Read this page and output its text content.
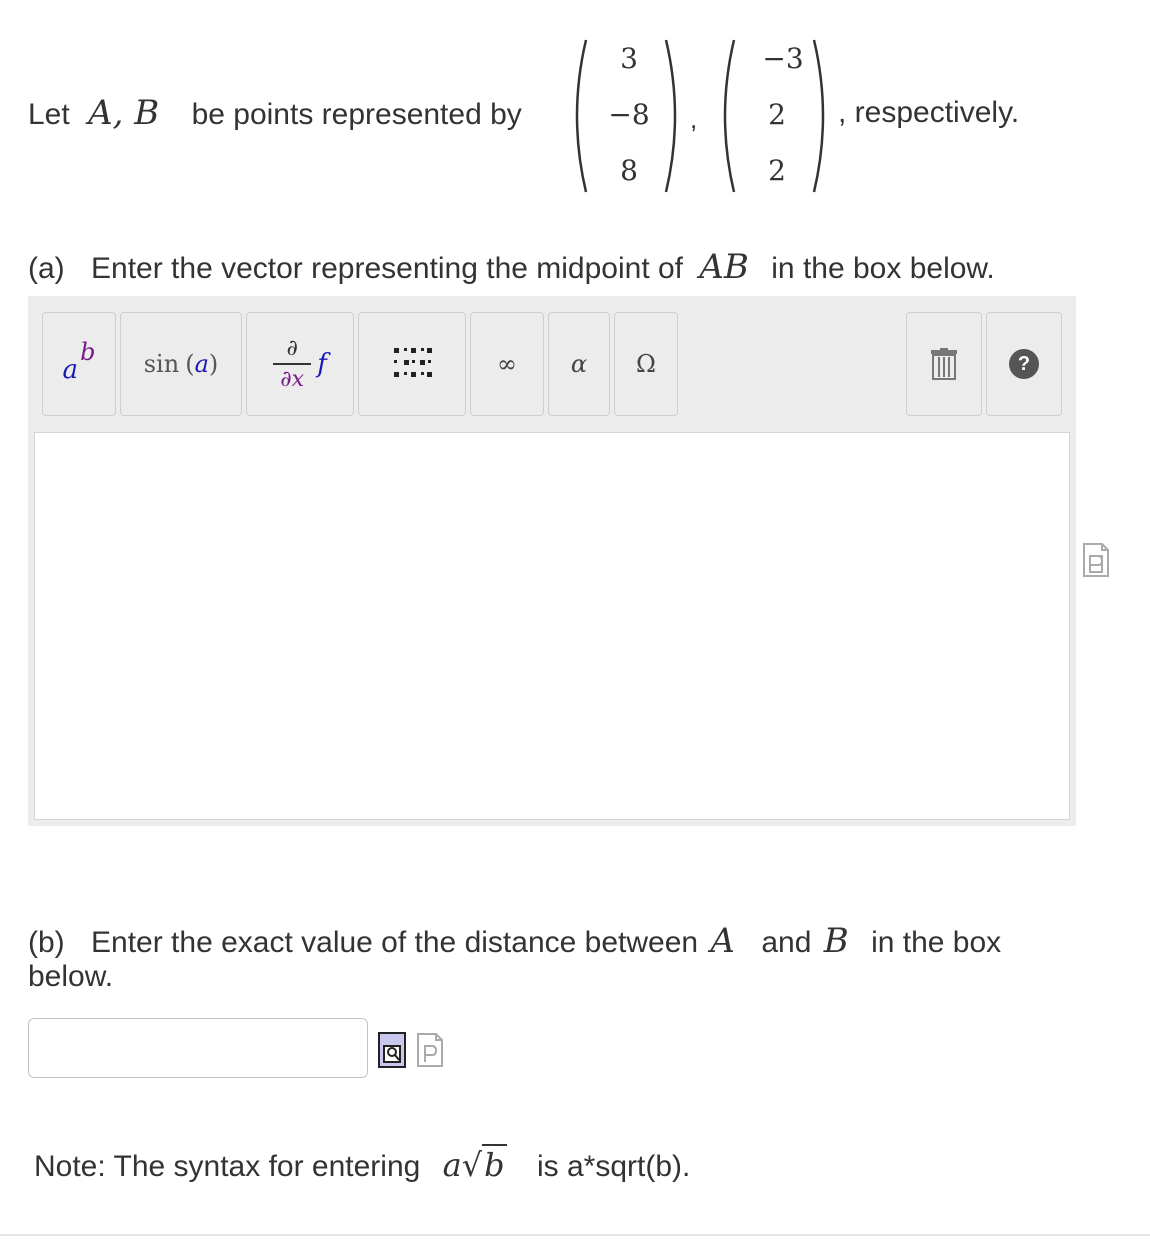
Let A, B be points represented by
3
−8
8
,
−3
2
2
, respectively.
(a) Enter the vector representing the midpoint of AB in the box below.
a
b sin ( a )
∂
∂x
f	∞ α Ω	?
(b) Enter the exact value of the distance between A and B in the box below.
Note: The syntax for entering a√b is a*sqrt(b).
